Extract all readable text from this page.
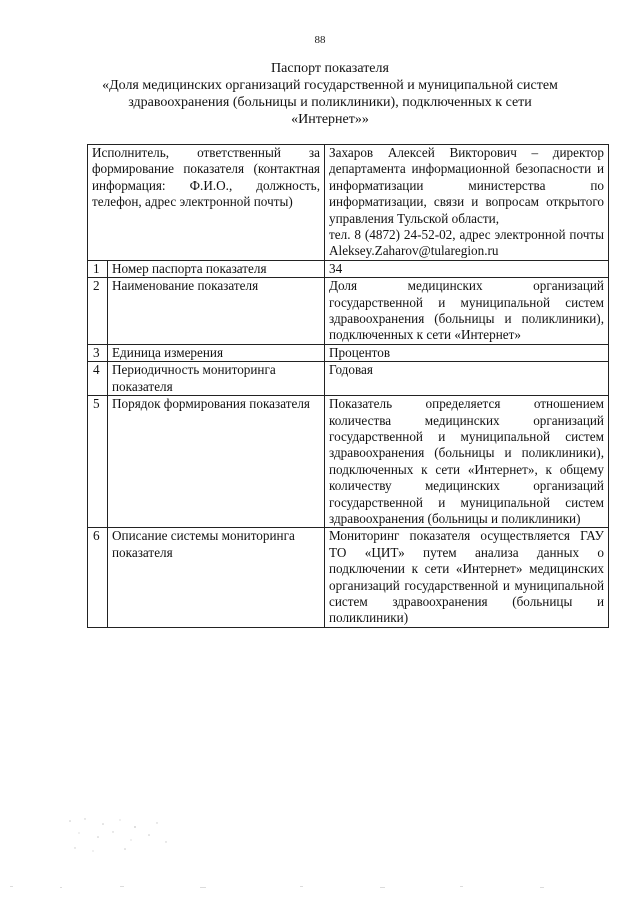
88
Паспорт показателя
«Доля медицинских организаций государственной и муниципальной систем
здравоохранения (больницы и поликлиники), подключенных к сети
«Интернет»»
Исполнитель, ответственный за формирование показателя (контактная информация: Ф.И.О., должность, телефон, адрес электронной почты)		Захаров Алексей Викторович – директор департамента информационной безопасности и информатизации министерства по информатизации, связи и вопросам открытого управления Тульской области,
тел. 8 (4872) 24-52-02, адрес электронной почты Aleksey.Zaharov@tularegion.ru

1	Номер паспорта показателя	34
2	Наименование показателя	Доля медицинских организаций государственной и муниципальной систем здравоохранения (больницы и поликлиники), подключенных к сети «Интернет»
3	Единица измерения	Процентов
4	Периодичность мониторинга показателя	Годовая
5	Порядок формирования показателя	Показатель определяется отношением количества медицинских организаций государственной и муниципальной систем здравоохранения (больницы и поликлиники), подключенных к сети «Интернет», к общему количеству медицинских организаций государственной и муниципальной систем здравоохранения (больницы и поликлиники)
6	Описание системы мониторинга показателя	Мониторинг показателя осуществляется ГАУ ТО «ЦИТ» путем анализа данных о подключении к сети «Интернет» медицинских организаций государственной и муниципальной систем здравоохранения (больницы и поликлиники)
